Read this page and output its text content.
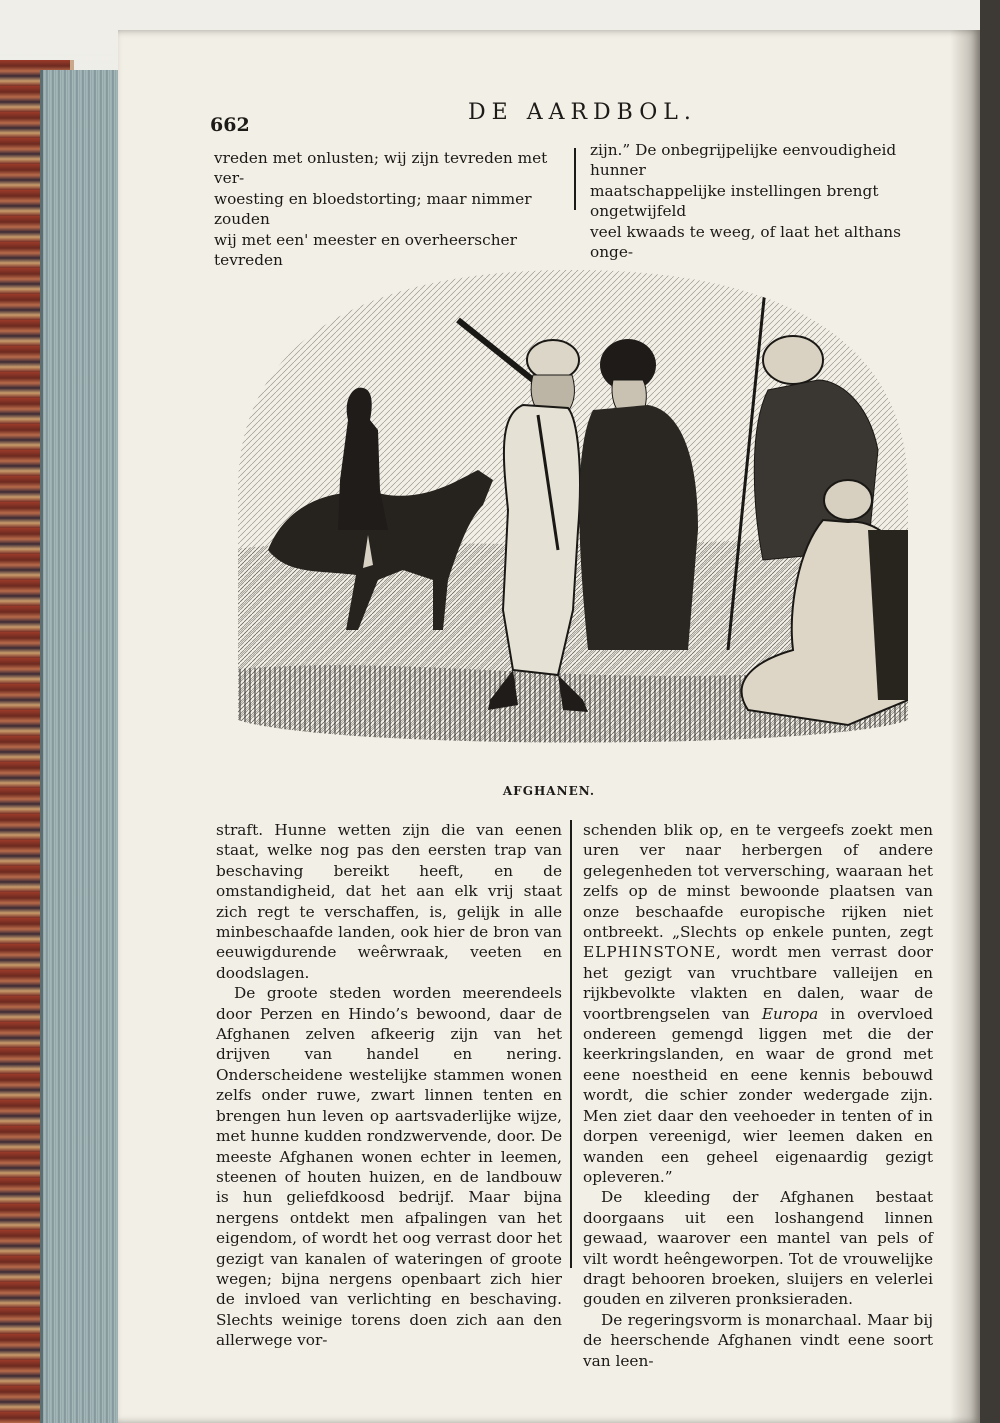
662	DE AARDBOL.

vreden met onlusten; wij zijn tevreden met ver-

woesting en bloedstorting; maar nimmer zouden

wij met een' meester en overheerscher tevreden

zijn.” De onbegrijpelijke eenvoudigheid hunner

maatschappelijke instellingen brengt ongetwijfeld

veel kwaads te weeg, of laat het althans onge-

AFGHANEN.

straft. Hunne wetten zijn die van eenen staat, welke nog pas den eersten trap van beschaving bereikt heeft, en de omstandigheid, dat het aan elk vrij staat zich regt te verschaffen, is, gelijk in alle minbeschaafde landen, ook hier de bron van eeuwigdurende weêrwraak, veeten en doodslagen.

De groote steden worden meerendeels door Perzen en Hindo’s bewoond, daar de Afghanen zelven afkeerig zijn van het drijven van handel en nering. Onderscheidene westelijke stammen wonen zelfs onder ruwe, zwart linnen tenten en brengen hun leven op aartsvaderlijke wijze, met hunne kudden rondzwervende, door. De meeste Afghanen wonen echter in leemen, steenen of houten huizen, en de landbouw is hun geliefdkoosd bedrijf. Maar bijna nergens ontdekt men afpalingen van het eigendom, of wordt het oog verrast door het gezigt van kanalen of wateringen of groote wegen; bijna nergens openbaart zich hier de invloed van verlichting en beschaving. Slechts weinige torens doen zich aan den allerwege vor-

schenden blik op, en te vergeefs zoekt men uren ver naar herbergen of andere gelegenheden tot verversching, waaraan het zelfs op de minst bewoonde plaatsen van onze beschaafde europische rijken niet ontbreekt. „Slechts op enkele punten, zegt ELPHINSTONE, wordt men verrast door het gezigt van vruchtbare valleijen en rijkbevolkte vlakten en dalen, waar de voortbrengselen van Europa in overvloed ondereen gemengd liggen met die der keerkringslanden, en waar de grond met eene noestheid en eene kennis bebouwd wordt, die schier zonder wedergade zijn. Men ziet daar den veehoeder in tenten of in dorpen vereenigd, wier leemen daken en wanden een geheel eigenaardig gezigt opleveren.”

De kleeding der Afghanen bestaat doorgaans uit een loshangend linnen gewaad, waarover een mantel van pels of vilt wordt heêngeworpen. Tot de vrouwelijke dragt behooren broeken, sluijers en velerlei gouden en zilveren pronksieraden.

De regeringsvorm is monarchaal. Maar bij de heerschende Afghanen vindt eene soort van leen-
